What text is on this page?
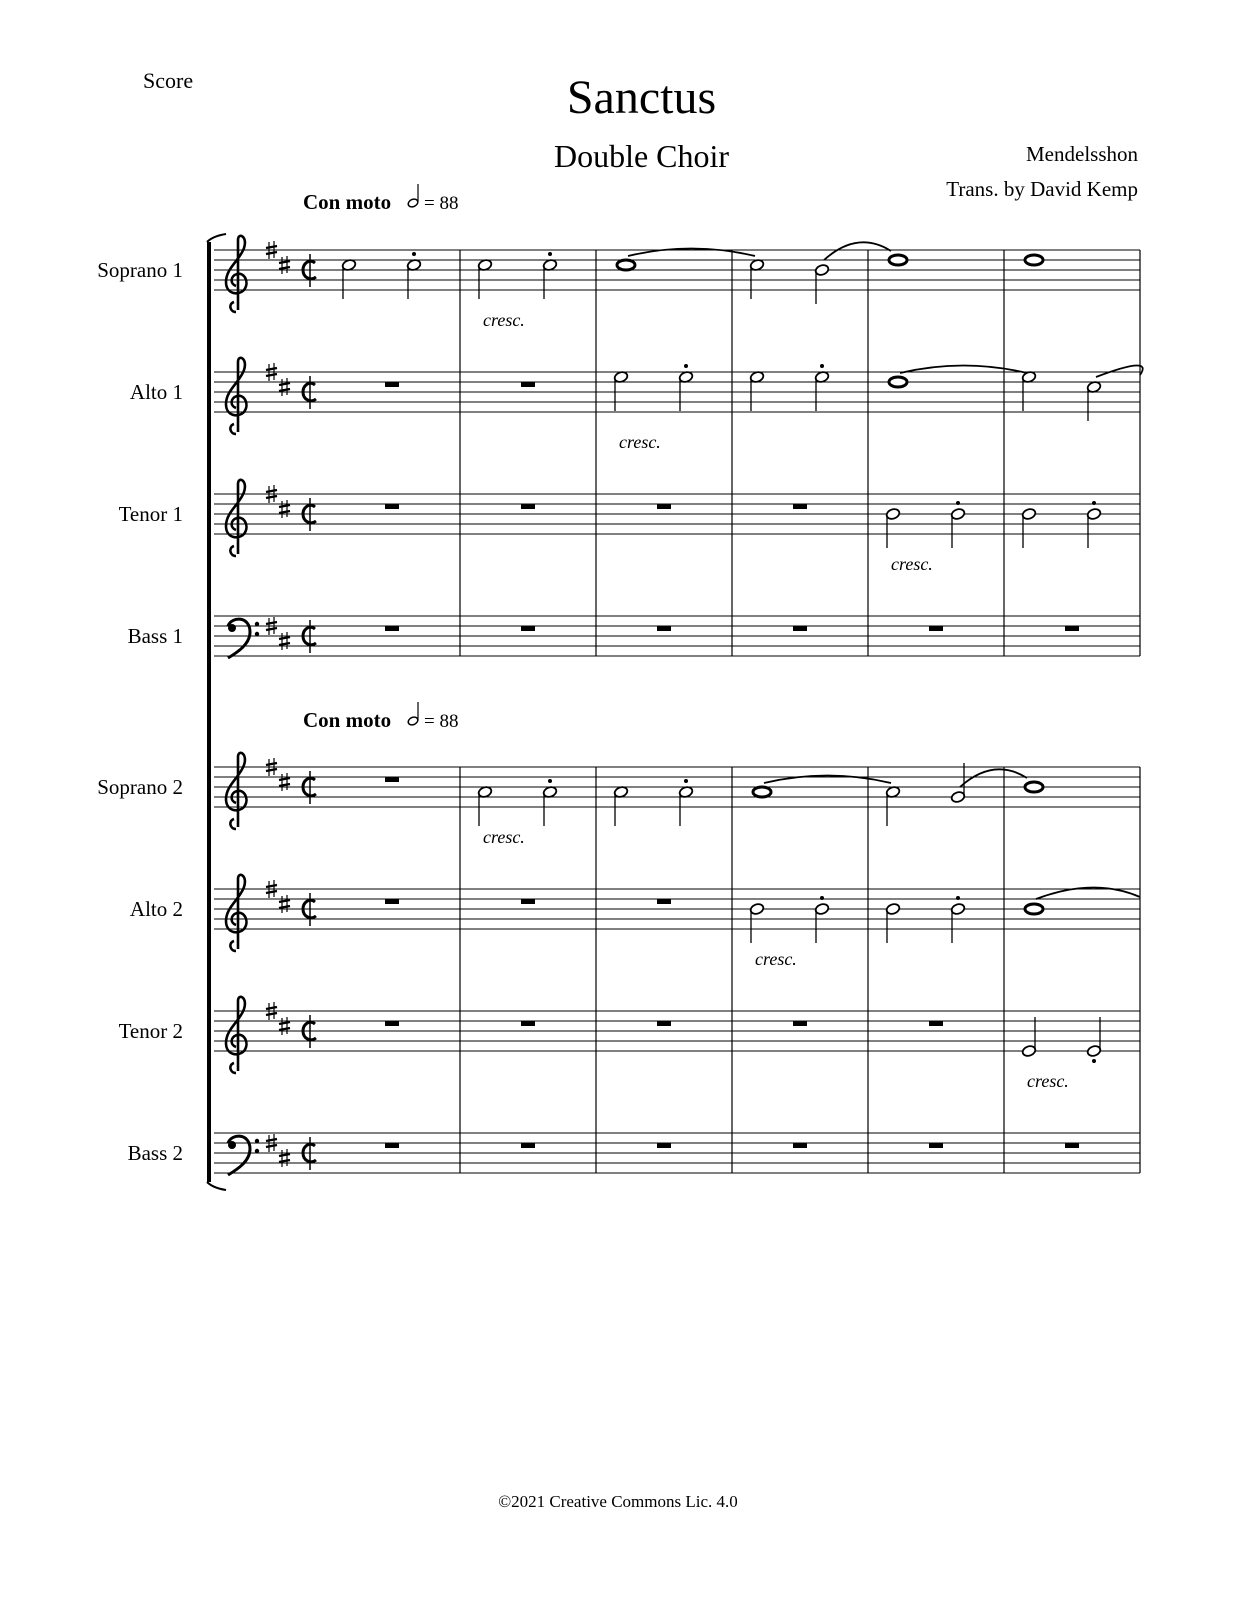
Score	Sanctus
Double Choir	Mendelsshon
Trans. by David Kemp
Con moto = 88
Con moto = 88
Soprano 1
cresc.
Alto 1
cresc.
Tenor 1
cresc.
Bass 1
Soprano 2
cresc.
Alto 2
cresc.
Tenor 2
cresc.
Bass 2
©2021 Creative Commons Lic. 4.0
